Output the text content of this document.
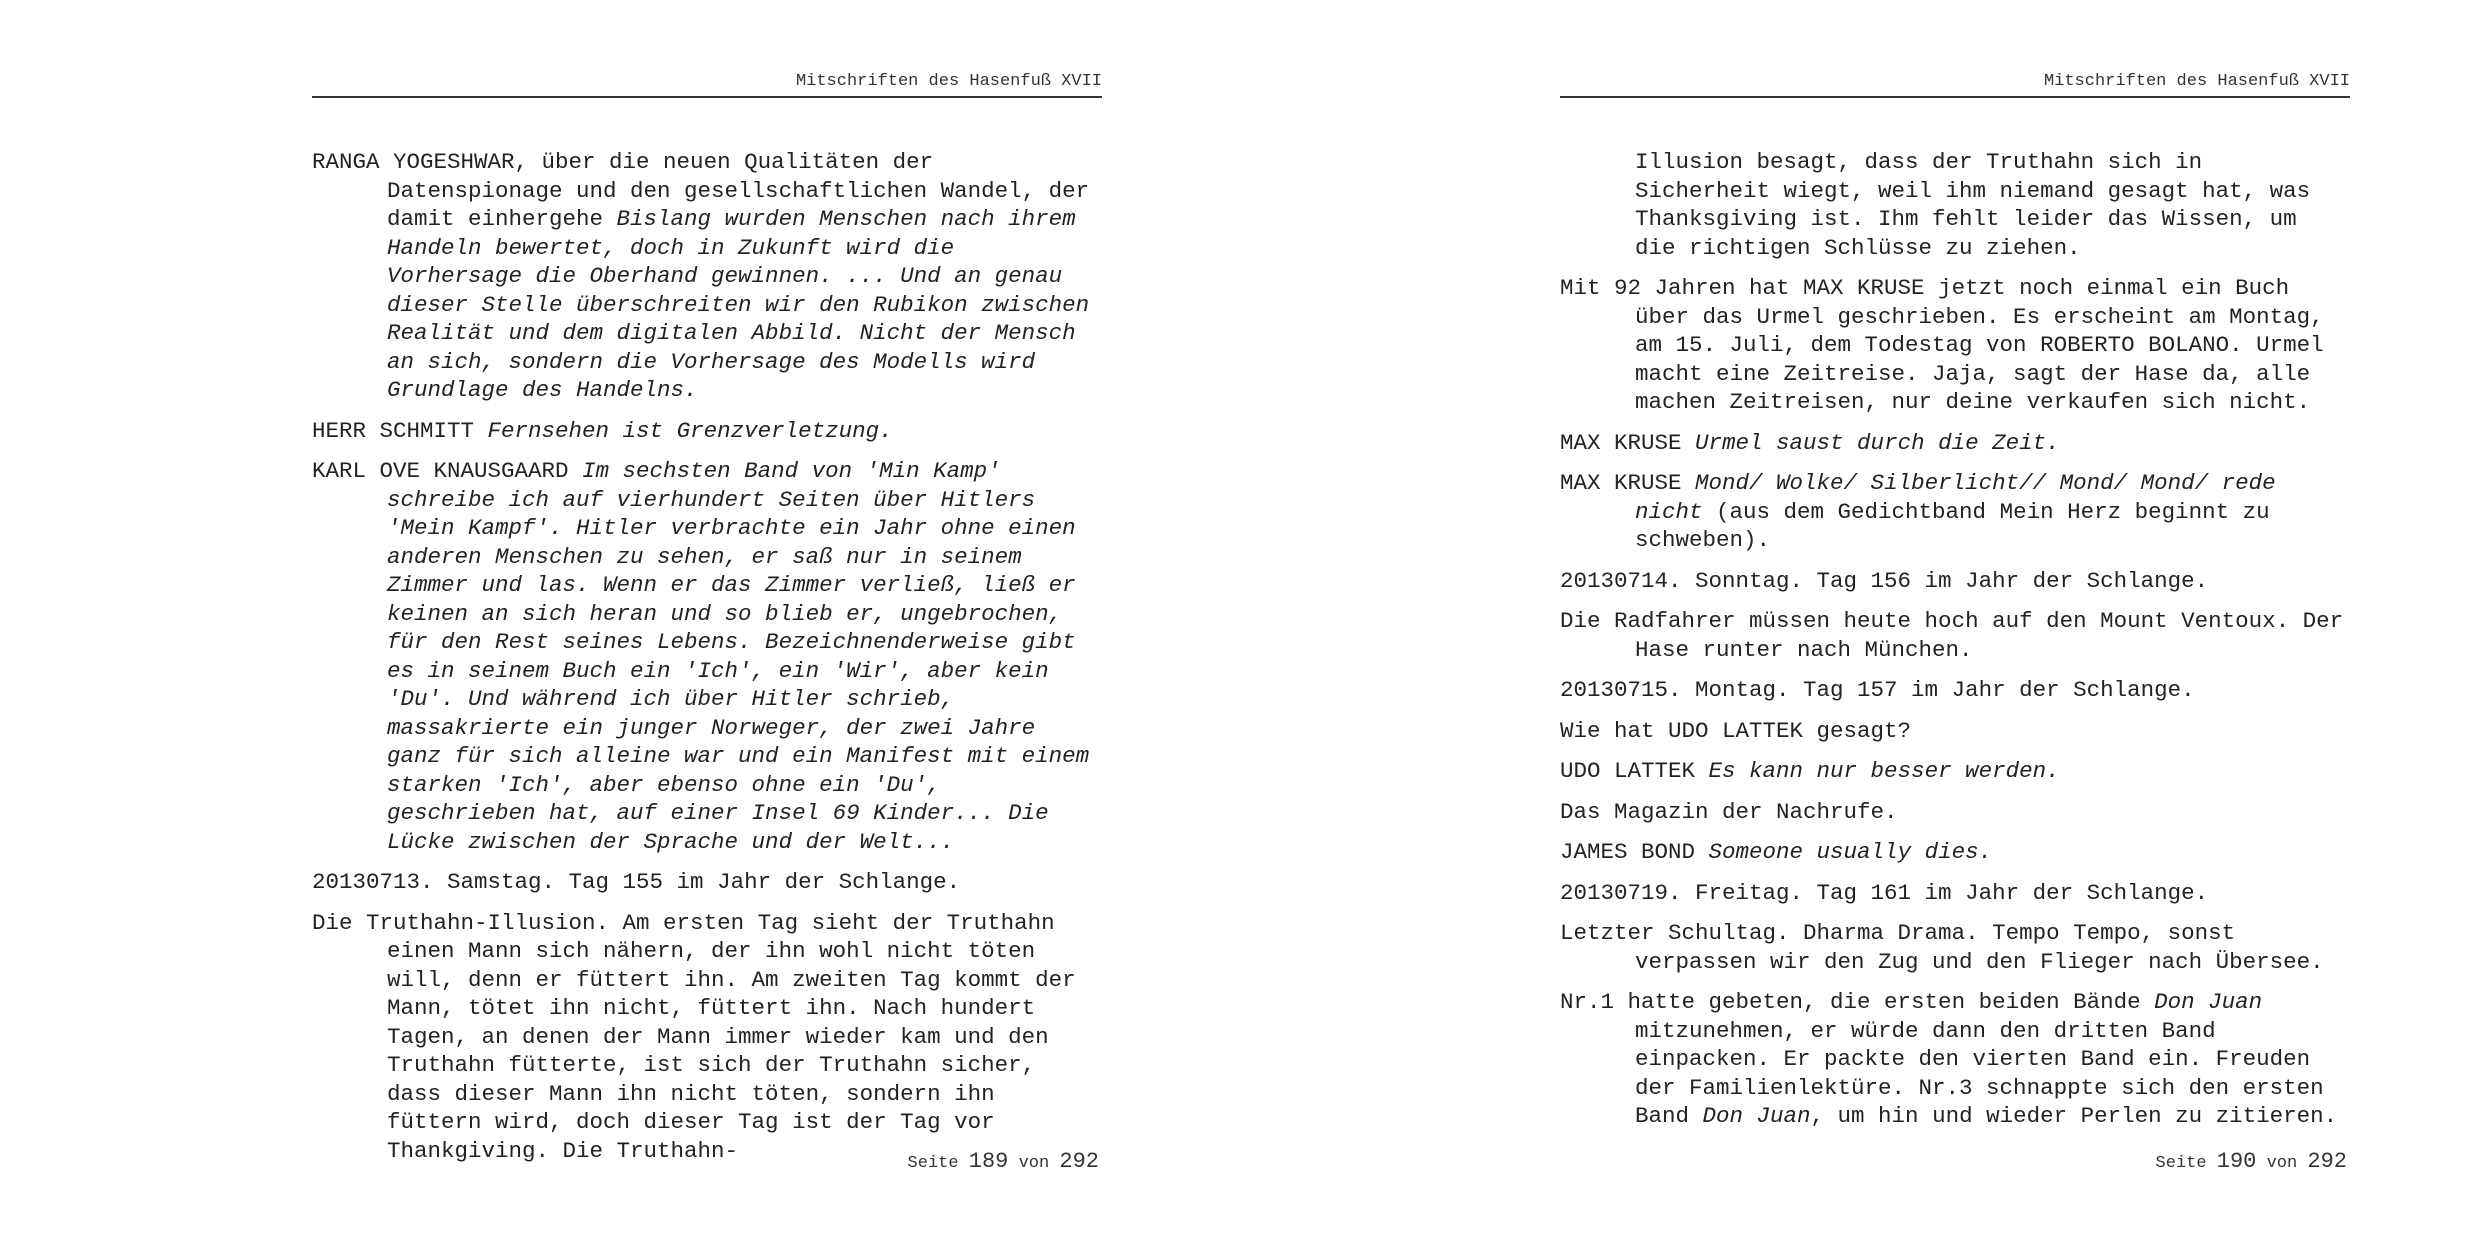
Mitschriften des Hasenfuß XVII

RANGA YOGESHWAR, über die neuen Qualitäten der Datenspionage und den gesellschaftlichen Wandel, der damit einhergehe Bislang wurden Menschen nach ihrem Handeln bewertet, doch in Zukunft wird die Vorhersage die Oberhand gewinnen. ... Und an genau dieser Stelle überschreiten wir den Rubikon zwischen Realität und dem digitalen Abbild. Nicht der Mensch an sich, sondern die Vorhersage des Modells wird Grundlage des Handelns.

HERR SCHMITT Fernsehen ist Grenzverletzung.

KARL OVE KNAUSGAARD Im sechsten Band von 'Min Kamp' schreibe ich auf vierhundert Seiten über Hitlers 'Mein Kampf'. Hitler verbrachte ein Jahr ohne einen anderen Menschen zu sehen, er saß nur in seinem Zimmer und las. Wenn er das Zimmer verließ, ließ er keinen an sich heran und so blieb er, ungebrochen, für den Rest seines Lebens. Bezeichnenderweise gibt es in seinem Buch ein 'Ich', ein 'Wir', aber kein 'Du'. Und während ich über Hitler schrieb, massakrierte ein junger Norweger, der zwei Jahre ganz für sich alleine war und ein Manifest mit einem starken 'Ich', aber ebenso ohne ein 'Du', geschrieben hat, auf einer Insel 69 Kinder... Die Lücke zwischen der Sprache und der Welt...

20130713. Samstag. Tag 155 im Jahr der Schlange.

Die Truthahn-Illusion. Am ersten Tag sieht der Truthahn einen Mann sich nähern, der ihn wohl nicht töten will, denn er füttert ihn. Am zweiten Tag kommt der Mann, tötet ihn nicht, füttert ihn. Nach hundert Tagen, an denen der Mann immer wieder kam und den Truthahn fütterte, ist sich der Truthahn sicher, dass dieser Mann ihn nicht töten, sondern ihn füttern wird, doch dieser Tag ist der Tag vor Thankgiving. Die Truthahn-	Seite 189 von 292
Mitschriften des Hasenfuß XVII

Illusion besagt, dass der Truthahn sich in Sicherheit wiegt, weil ihm niemand gesagt hat, was Thanksgiving ist. Ihm fehlt leider das Wissen, um die richtigen Schlüsse zu ziehen.

Mit 92 Jahren hat MAX KRUSE jetzt noch einmal ein Buch über das Urmel geschrieben. Es erscheint am Montag, am 15. Juli, dem Todestag von ROBERTO BOLANO. Urmel macht eine Zeitreise. Jaja, sagt der Hase da, alle machen Zeitreisen, nur deine verkaufen sich nicht.

MAX KRUSE Urmel saust durch die Zeit.

MAX KRUSE Mond/ Wolke/ Silberlicht// Mond/ Mond/ rede nicht (aus dem Gedichtband Mein Herz beginnt zu schweben).

20130714. Sonntag. Tag 156 im Jahr der Schlange.

Die Radfahrer müssen heute hoch auf den Mount Ventoux. Der Hase runter nach München.

20130715. Montag. Tag 157 im Jahr der Schlange.

Wie hat UDO LATTEK gesagt?

UDO LATTEK Es kann nur besser werden.

Das Magazin der Nachrufe.

JAMES BOND Someone usually dies.

20130719. Freitag. Tag 161 im Jahr der Schlange.

Letzter Schultag. Dharma Drama. Tempo Tempo, sonst verpassen wir den Zug und den Flieger nach Übersee.

Nr.1 hatte gebeten, die ersten beiden Bände Don Juan mitzunehmen, er würde dann den dritten Band einpacken. Er packte den vierten Band ein. Freuden der Familienlektüre. Nr.3 schnappte sich den ersten Band Don Juan, um hin und wieder Perlen zu zitieren.

Seite 190 von 292
